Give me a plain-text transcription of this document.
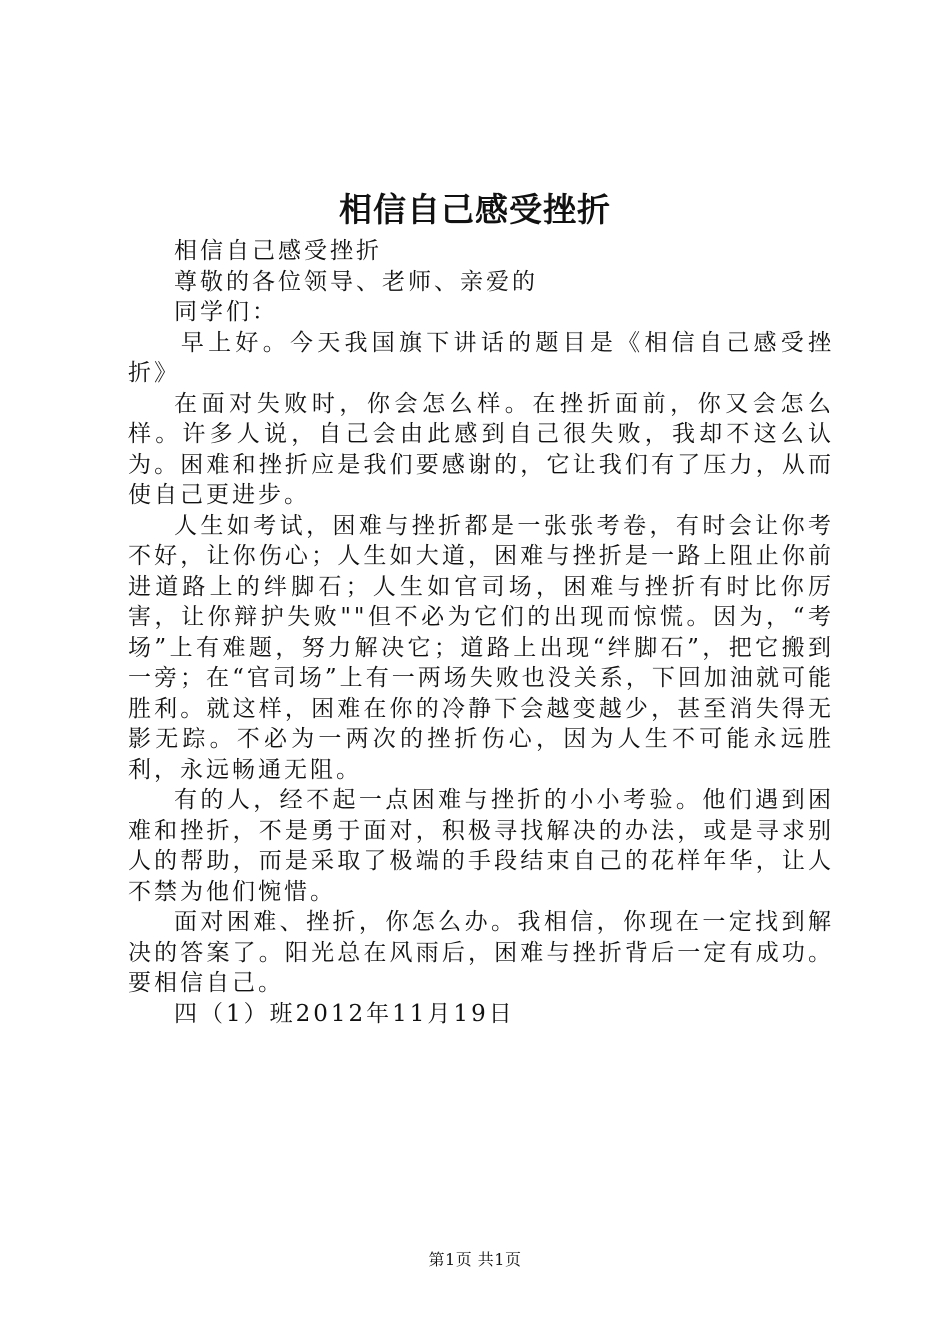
相信自己感受挫折

相信自己感受挫折

尊敬的各位领导、老师、亲爱的

同学们：

早上好。今天我国旗下讲话的题目是《相信自己感受挫折》

在面对失败时，你会怎么样。在挫折面前，你又会怎么样。许多人说，自己会由此感到自己很失败，我却不这么认为。困难和挫折应是我们要感谢的，它让我们有了压力，从而使自己更进步。

人生如考试，困难与挫折都是一张张考卷，有时会让你考不好，让你伤心；人生如大道，困难与挫折是一路上阻止你前进道路上的绊脚石；人生如官司场，困难与挫折有时比你厉害，让你辩护失败""但不必为它们的出现而惊慌。因为，“考场”上有难题，努力解决它；道路上出现“绊脚石”，把它搬到一旁；在“官司场”上有一两场失败也没关系，下回加油就可能胜利。就这样，困难在你的冷静下会越变越少，甚至消失得无影无踪。不必为一两次的挫折伤心，因为人生不可能永远胜利，永远畅通无阻。

有的人，经不起一点困难与挫折的小小考验。他们遇到困难和挫折，不是勇于面对，积极寻找解决的办法，或是寻求别人的帮助，而是采取了极端的手段结束自己的花样年华，让人不禁为他们惋惜。

面对困难、挫折，你怎么办。我相信，你现在一定找到解决的答案了。阳光总在风雨后，困难与挫折背后一定有成功。要相信自己。

四（1）班2012年11月19日

第1页 共1页
